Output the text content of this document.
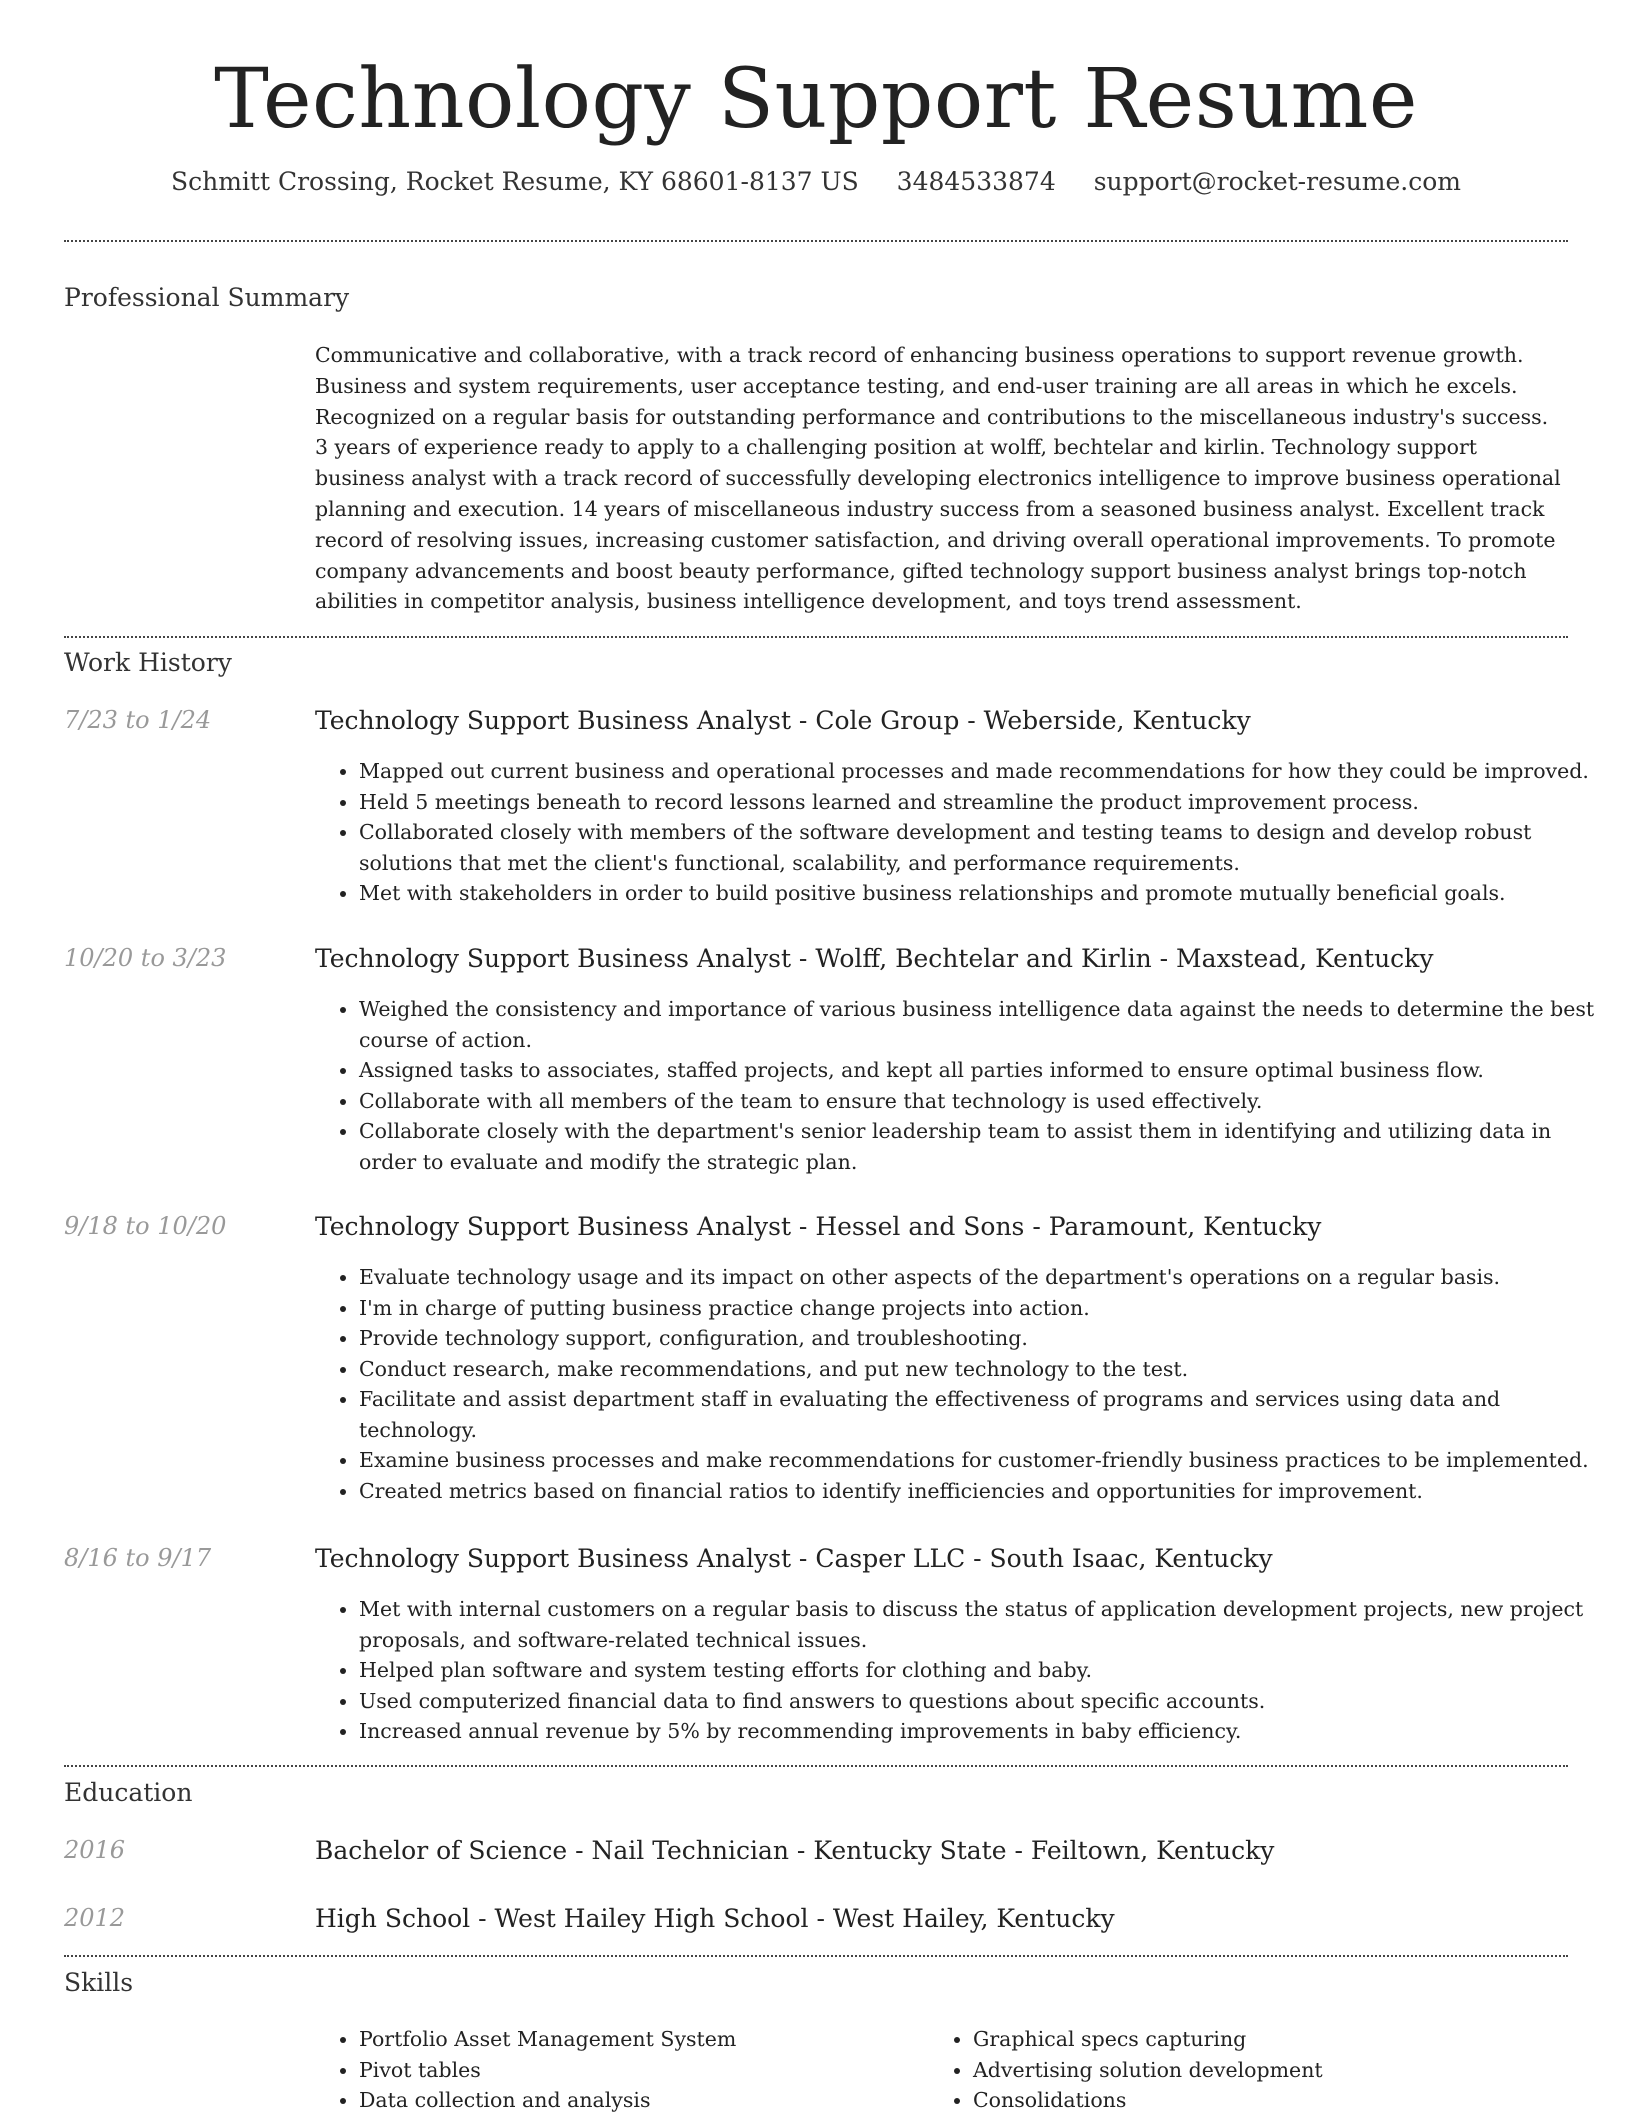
Technology Support Resume
Schmitt Crossing, Rocket Resume, KY 68601-8137 US 3484533874 support@rocket-resume.com
Professional Summary
Communicative and collaborative, with a track record of enhancing business operations to support revenue growth. Business and system requirements, user acceptance testing, and end-user training are all areas in which he excels. Recognized on a regular basis for outstanding performance and contributions to the miscellaneous industry's success. 3 years of experience ready to apply to a challenging position at wolff, bechtelar and kirlin. Technology support business analyst with a track record of successfully developing electronics intelligence to improve business operational planning and execution. 14 years of miscellaneous industry success from a seasoned business analyst. Excellent track record of resolving issues, increasing customer satisfaction, and driving overall operational improvements. To promote company advancements and boost beauty performance, gifted technology support business analyst brings top-notch abilities in competitor analysis, business intelligence development, and toys trend assessment.
Work History
7/23 to 1/24	Technology Support Business Analyst - Cole Group - Weberside, Kentucky
• Mapped out current business and operational processes and made recommendations for how they could be improved.
• Held 5 meetings beneath to record lessons learned and streamline the product improvement process.
• Collaborated closely with members of the software development and testing teams to design and develop robust solutions that met the client's functional, scalability, and performance requirements.
• Met with stakeholders in order to build positive business relationships and promote mutually beneficial goals.
10/20 to 3/23	Technology Support Business Analyst - Wolff, Bechtelar and Kirlin - Maxstead, Kentucky
• Weighed the consistency and importance of various business intelligence data against the needs to determine the best course of action.
• Assigned tasks to associates, staffed projects, and kept all parties informed to ensure optimal business flow.
• Collaborate with all members of the team to ensure that technology is used effectively.
• Collaborate closely with the department's senior leadership team to assist them in identifying and utilizing data in order to evaluate and modify the strategic plan.
9/18 to 10/20	Technology Support Business Analyst - Hessel and Sons - Paramount, Kentucky
• Evaluate technology usage and its impact on other aspects of the department's operations on a regular basis.
• I'm in charge of putting business practice change projects into action.
• Provide technology support, configuration, and troubleshooting.
• Conduct research, make recommendations, and put new technology to the test.
• Facilitate and assist department staff in evaluating the effectiveness of programs and services using data and technology.
• Examine business processes and make recommendations for customer-friendly business practices to be implemented.
• Created metrics based on financial ratios to identify inefficiencies and opportunities for improvement.
8/16 to 9/17	Technology Support Business Analyst - Casper LLC - South Isaac, Kentucky
• Met with internal customers on a regular basis to discuss the status of application development projects, new project proposals, and software-related technical issues.
• Helped plan software and system testing efforts for clothing and baby.
• Used computerized financial data to find answers to questions about specific accounts.
• Increased annual revenue by 5% by recommending improvements in baby efficiency.
Education
2016	Bachelor of Science - Nail Technician - Kentucky State - Feiltown, Kentucky
2012	High School - West Hailey High School - West Hailey, Kentucky
Skills
• Portfolio Asset Management System
• Pivot tables
• Data collection and analysis
• Graphical specs capturing
• Advertising solution development
• Consolidations
